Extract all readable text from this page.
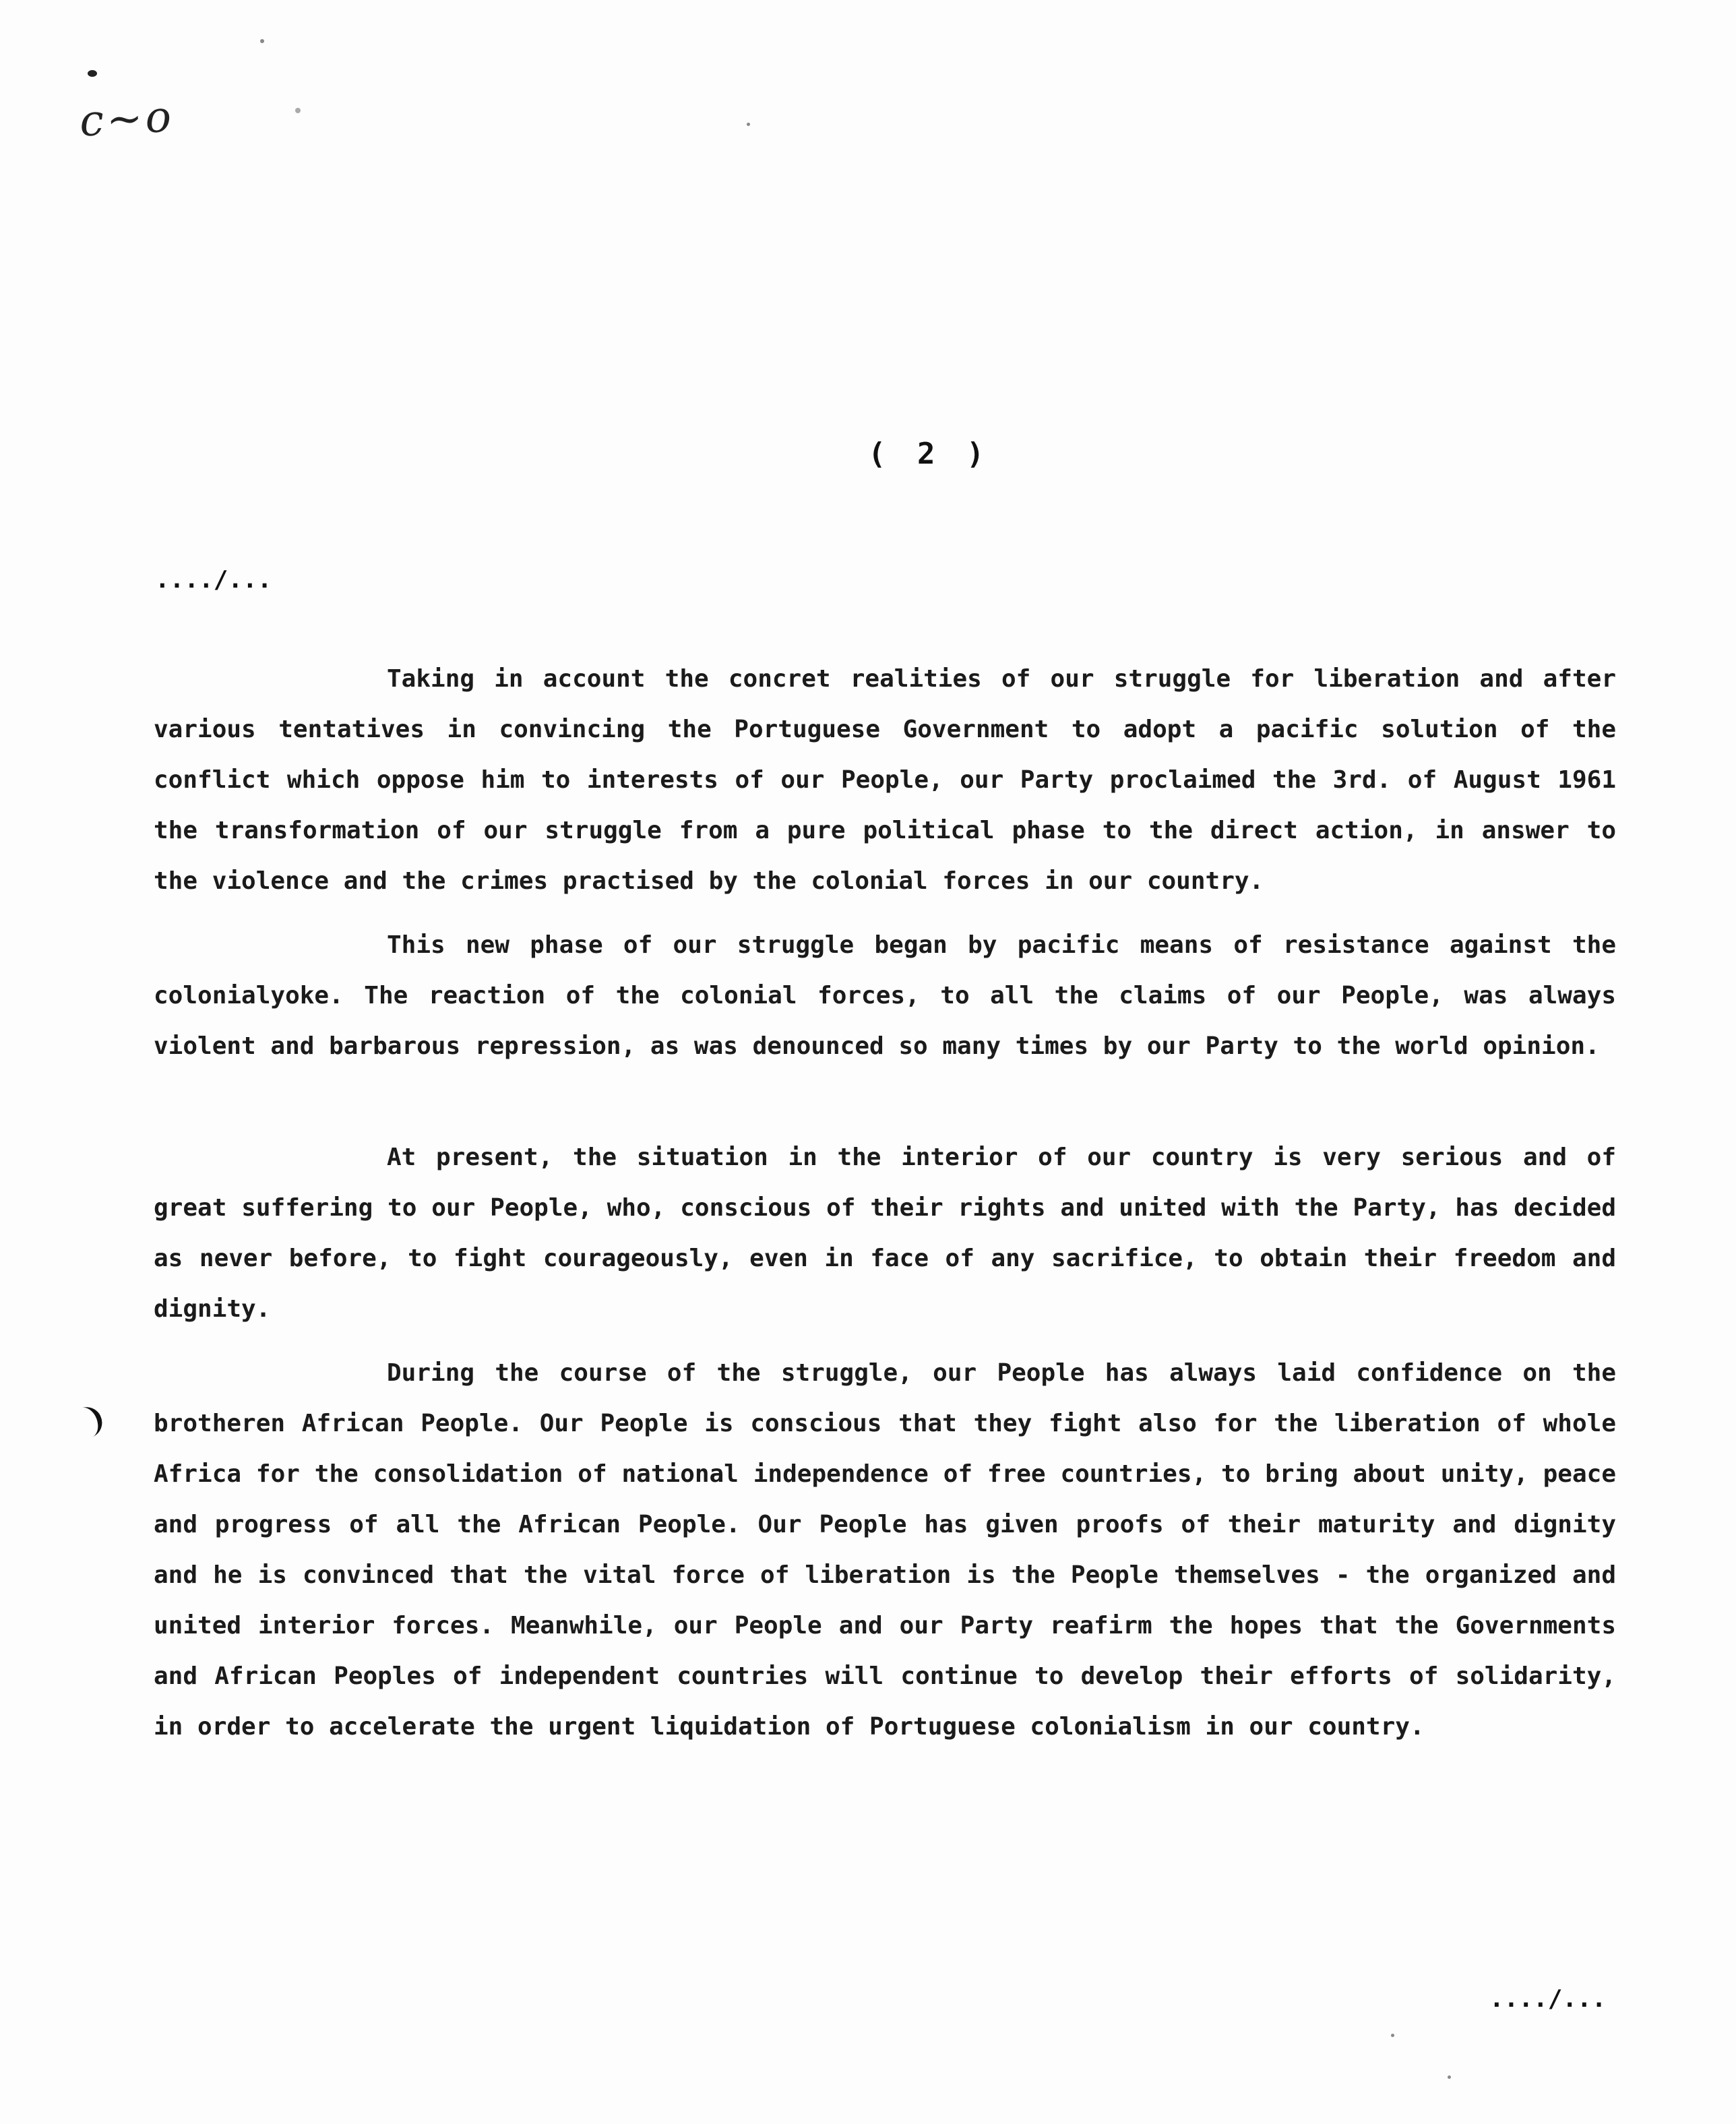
c~o
( 2 )
..../...

Taking in account the concret realities of our struggle for liberation and after various tentatives in convincing the Portuguese Government to adopt a pacific solution of the conflict which oppose him to interests of our People, our Party proclaimed the 3rd. of August 1961 the transformation of our struggle from a pure political phase to the direct action, in answer to the violence and the crimes practised by the colonial forces in our country.

This new phase of our struggle began by pacific means of resistance against the colonialyoke. The reaction of the colonial forces, to all the claims of our People, was always violent and barbarous repression, as was denounced so many times by our Party to the world opinion.

At present, the situation in the interior of our country is very serious and of great suffering to our People, who, conscious of their rights and united with the Party, has decided as never before, to fight courageously, even in face of any sacrifice, to obtain their freedom and dignity.

During the course of the struggle, our People has always laid confidence on the brotheren African People. Our People is conscious that they fight also for the liberation of whole Africa for the consolidation of national independence of free countries, to bring about unity, peace and progress of all the African People. Our People has given proofs of their maturity and dignity and he is convinced that the vital force of liberation is the People themselves - the organized and united interior forces. Meanwhile, our People and our Party reafirm the hopes that the Governments and African Peoples of independent countries will continue to develop their efforts of solidarity, in order to accelerate the urgent liquidation of Portuguese colonialism in our country.

..../...
